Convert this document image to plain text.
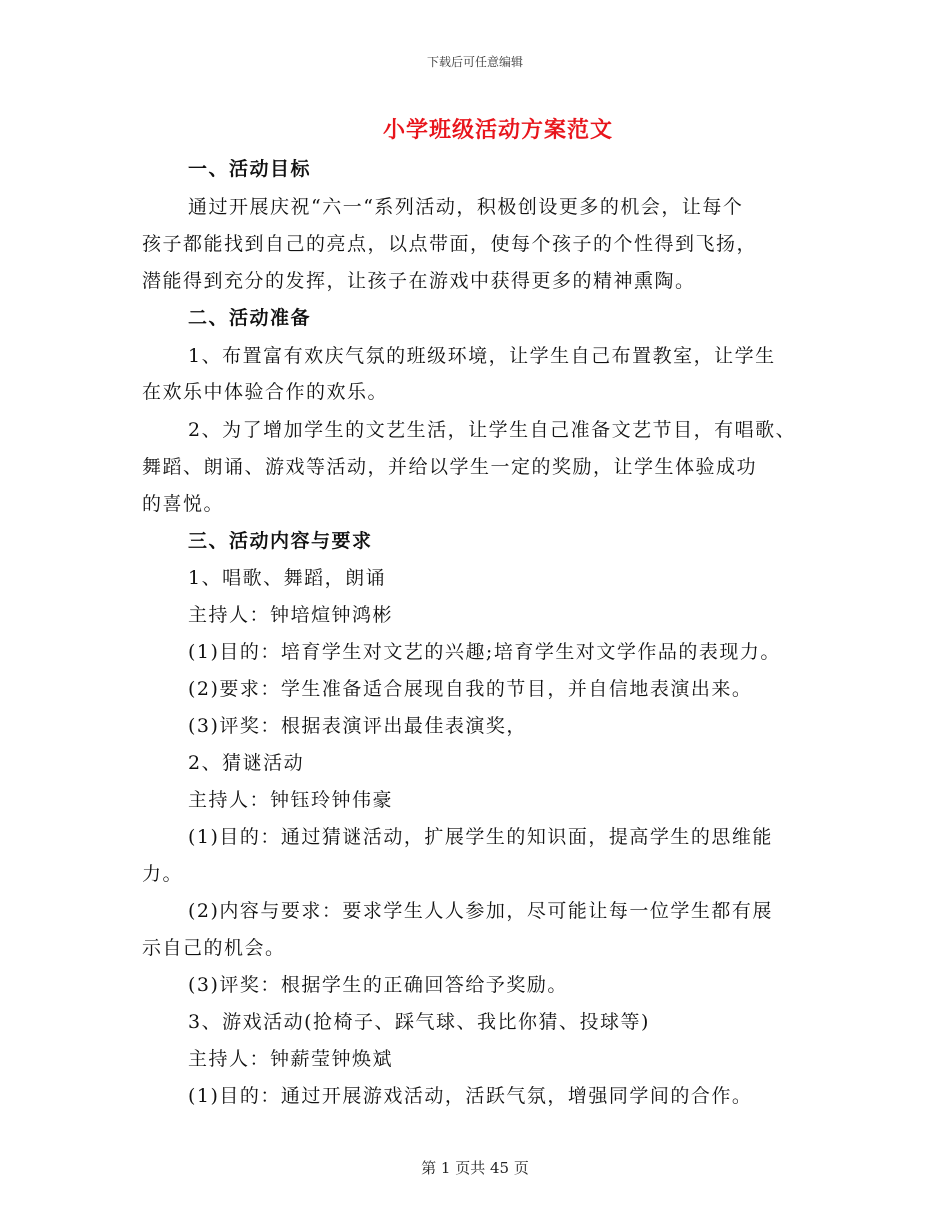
下载后可任意编辑
小学班级活动方案范文
一、活动目标
通过开展庆祝“六一“系列活动，积极创设更多的机会，让每个
孩子都能找到自己的亮点，以点带面，使每个孩子的个性得到飞扬，
潜能得到充分的发挥，让孩子在游戏中获得更多的精神熏陶。
二、活动准备
1、布置富有欢庆气氛的班级环境，让学生自己布置教室，让学生
在欢乐中体验合作的欢乐。
2、为了增加学生的文艺生活，让学生自己准备文艺节目，有唱歌、
舞蹈、朗诵、游戏等活动，并给以学生一定的奖励，让学生体验成功
的喜悦。
三、活动内容与要求
1、唱歌、舞蹈，朗诵
主持人：钟培煊钟鸿彬
(1)目的：培育学生对文艺的兴趣;培育学生对文学作品的表现力。
(2)要求：学生准备适合展现自我的节目，并自信地表演出来。
(3)评奖：根据表演评出最佳表演奖，
2、猜谜活动
主持人：钟钰玲钟伟豪
(1)目的：通过猜谜活动，扩展学生的知识面，提高学生的思维能
力。
(2)内容与要求：要求学生人人参加，尽可能让每一位学生都有展
示自己的机会。
(3)评奖：根据学生的正确回答给予奖励。
3、游戏活动(抢椅子、踩气球、我比你猜、投球等)
主持人：钟薪莹钟焕斌
(1)目的：通过开展游戏活动，活跃气氛，增强同学间的合作。
第 1 页共 45 页
